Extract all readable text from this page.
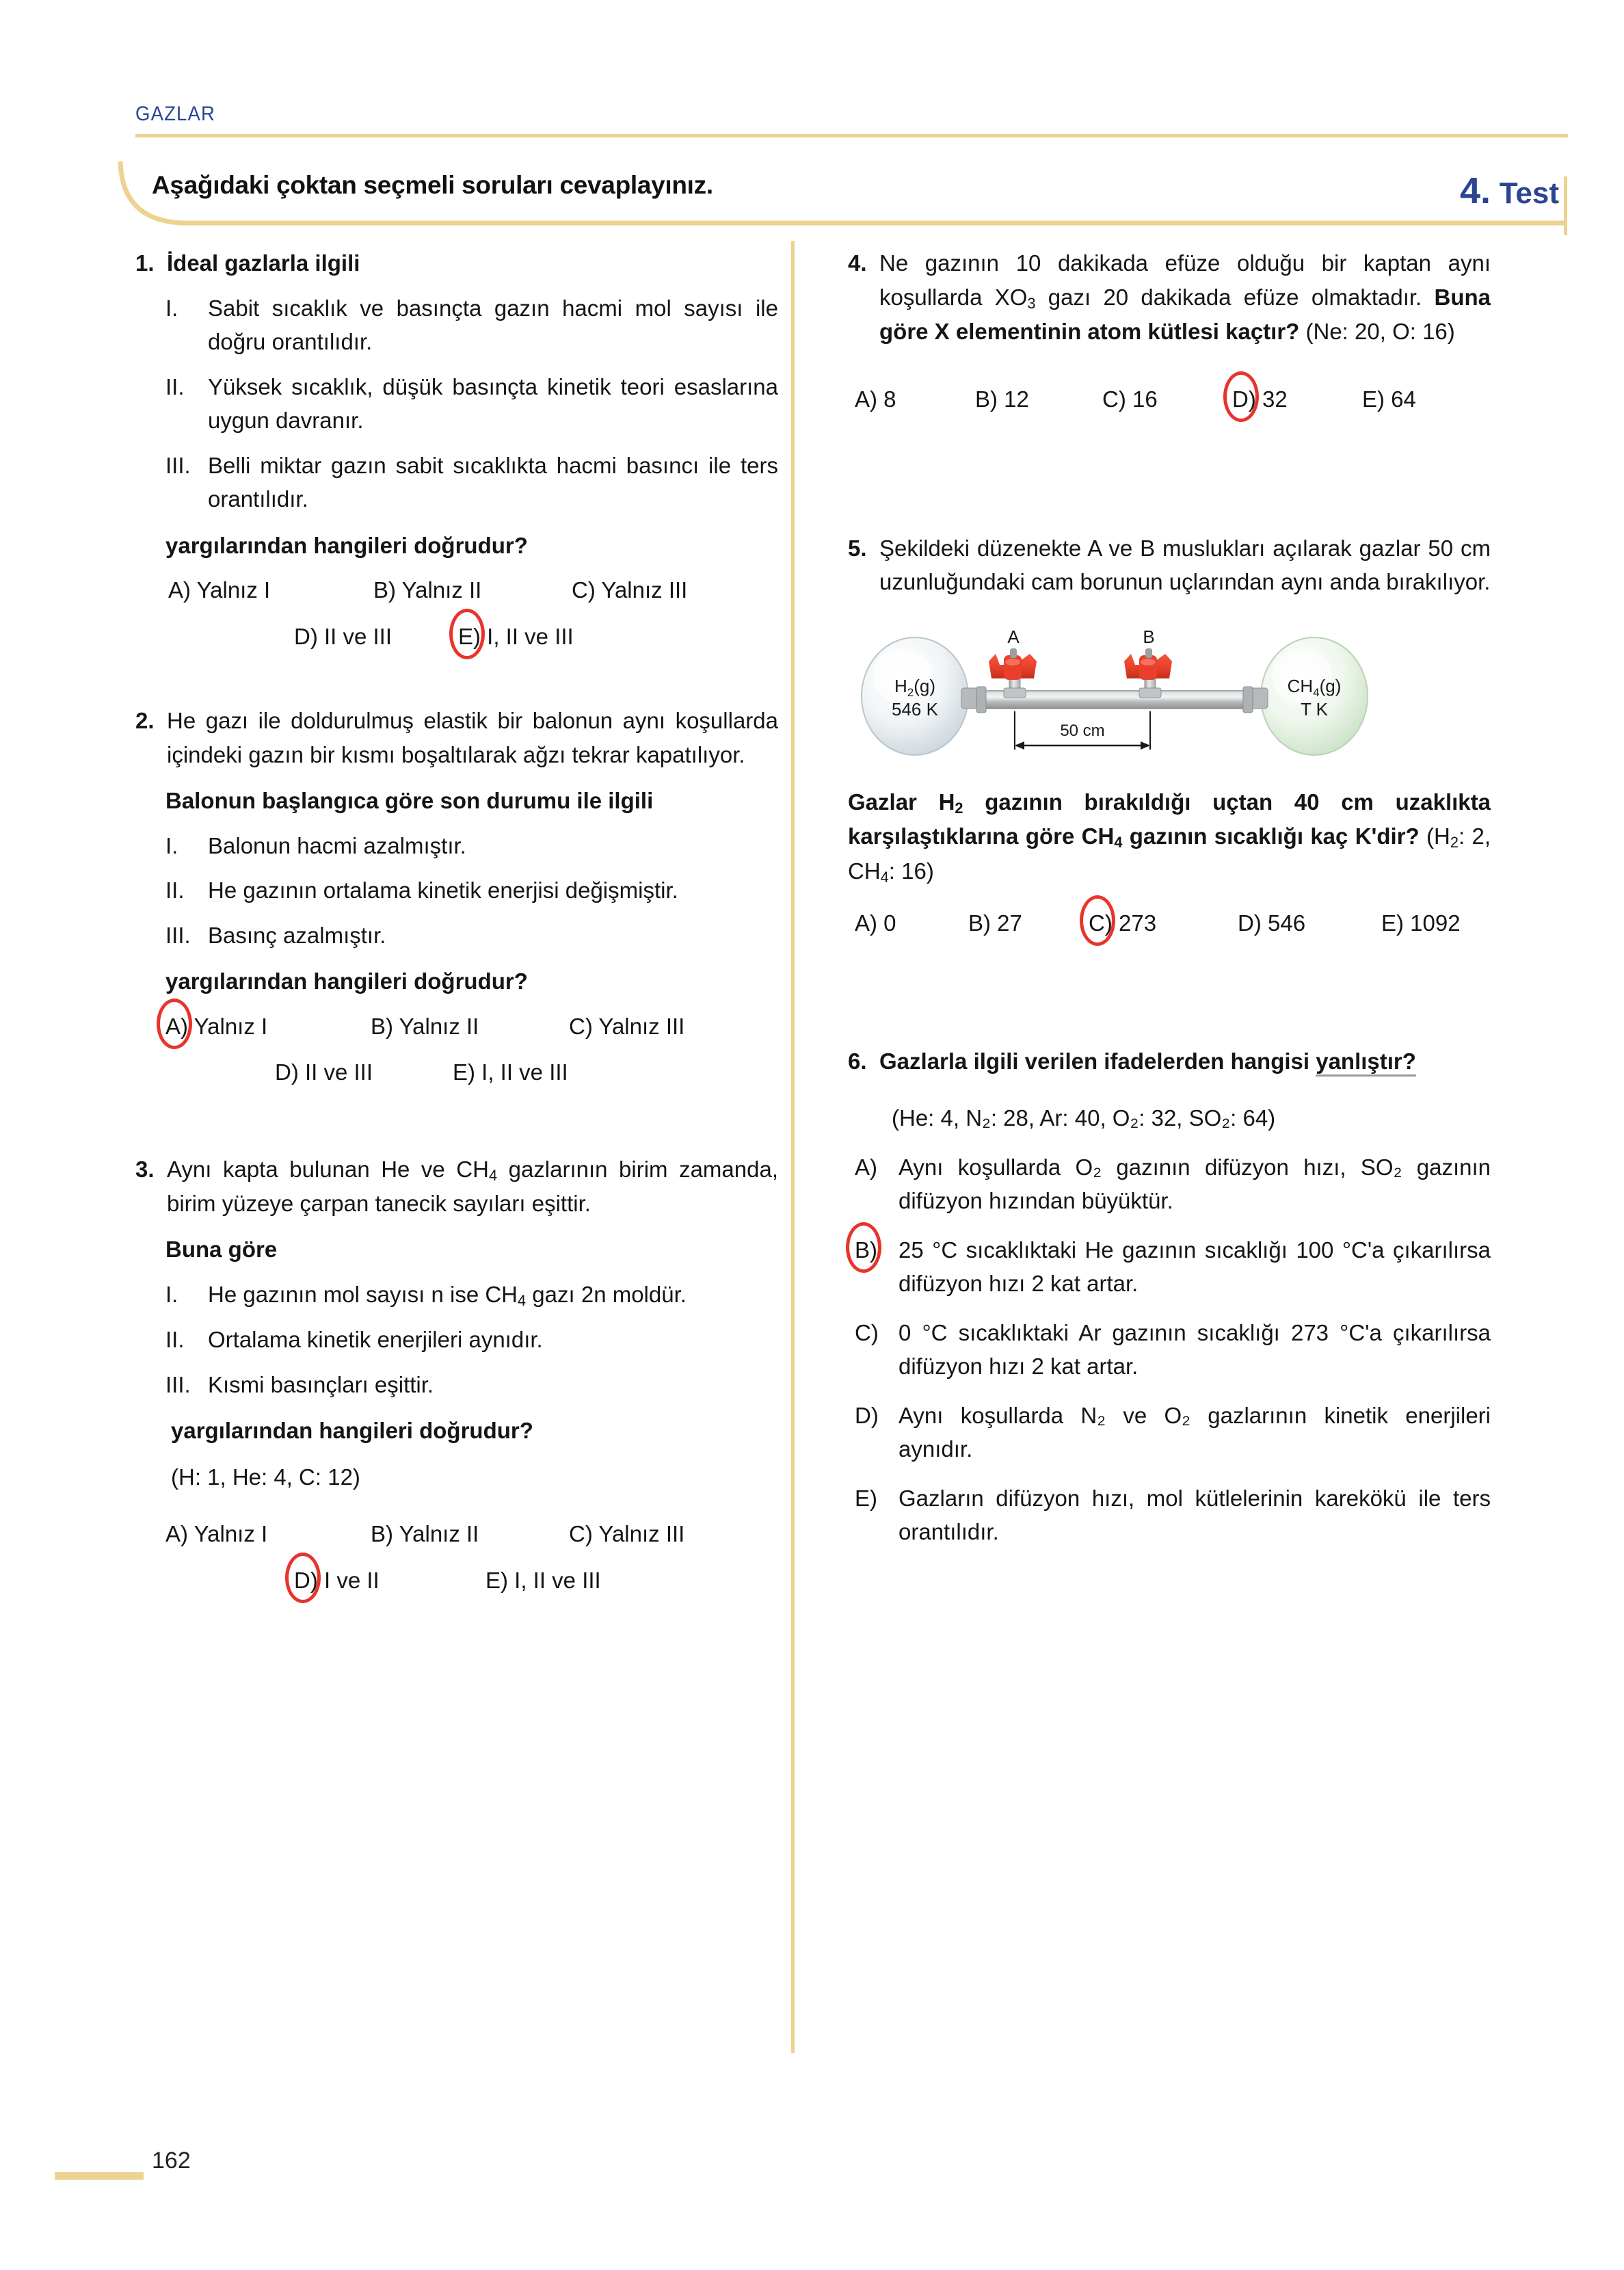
GAZLAR
Aşağıdaki çoktan seçmeli soruları cevaplayınız.	4. Test
1. İdeal gazlarla ilgili
I.	Sabit sıcaklık ve basınçta gazın hacmi mol sayısı ile doğru orantılıdır.
II.	Yüksek sıcaklık, düşük basınçta kinetik teori esaslarına uygun davranır.
III. Belli miktar gazın sabit sıcaklıkta hacmi basıncı ile ters orantılıdır.
yargılarından hangileri doğrudur?
A) Yalnız I	B) Yalnız II	C) Yalnız III
D) II ve III	E) I, II ve III
2. He gazı ile doldurulmuş elastik bir balonun aynı koşullarda içindeki gazın bir kısmı boşaltılarak ağzı tekrar kapatılıyor.
Balonun başlangıca göre son durumu ile ilgili
I.	Balonun hacmi azalmıştır.
II.	He gazının ortalama kinetik enerjisi değişmiştir.
III. Basınç azalmıştır.
yargılarından hangileri doğrudur?
A) Yalnız I	B) Yalnız II	C) Yalnız III
D) II ve III	E) I, II ve III
3. Aynı kapta bulunan He ve $CH_4$ gazlarının birim zamanda, birim yüzeye çarpan tanecik sayıları eşittir.
Buna göre
I.	He gazının mol sayısı n ise $CH_4$ gazı 2n moldür.
II.	Ortalama kinetik enerjileri aynıdır.
III. Kısmi basınçları eşittir.
yargılarından hangileri doğrudur?
(H: 1, He: 4, C: 12)
A) Yalnız I	B) Yalnız II	C) Yalnız III
D) I ve II	E) I, II ve III
4. Ne gazının 10 dakikada efüze olduğu bir kaptan aynı koşullarda $XO_3$ gazı 20 dakikada efüze olmaktadır. Buna göre X elementinin atom kütlesi kaçtır? (Ne: 20, O: 16)
A) 8	B) 12	C) 16	D) 32	E) 64
5. Şekildeki düzenekte A ve B muslukları açılarak gazlar 50 cm uzunluğundaki cam borunun uçlarından aynı anda bırakılıyor.
A	B
50 cm
$H_2(g)$
546 K
$CH_4(g)$
T K
Gazlar $H_2$ gazının bırakıldığı uçtan 40 cm uzaklıkta karşılaştıklarına göre $CH_4$ gazının sıcaklığı kaç K'dir? ($H_2$: 2, $CH_4$: 16)
A) 0	B) 27	C) 273	D) 546	E) 1092
6. Gazlarla ilgili verilen ifadelerden hangisi yanlıştır?
(He: 4, N₂: 28, Ar: 40, O₂: 32, SO₂: 64)
A) Aynı koşullarda O₂ gazının difüzyon hızı, SO₂ gazının difüzyon hızından büyüktür.
B) 25 °C sıcaklıktaki He gazının sıcaklığı 100 °C'a çıkarılırsa difüzyon hızı 2 kat artar.
C) 0 °C sıcaklıktaki Ar gazının sıcaklığı 273 °C'a çıkarılırsa difüzyon hızı 2 kat artar.
D) Aynı koşullarda N₂ ve O₂ gazlarının kinetik enerjileri aynıdır.
E) Gazların difüzyon hızı, mol kütlelerinin karekökü ile ters orantılıdır.
162
